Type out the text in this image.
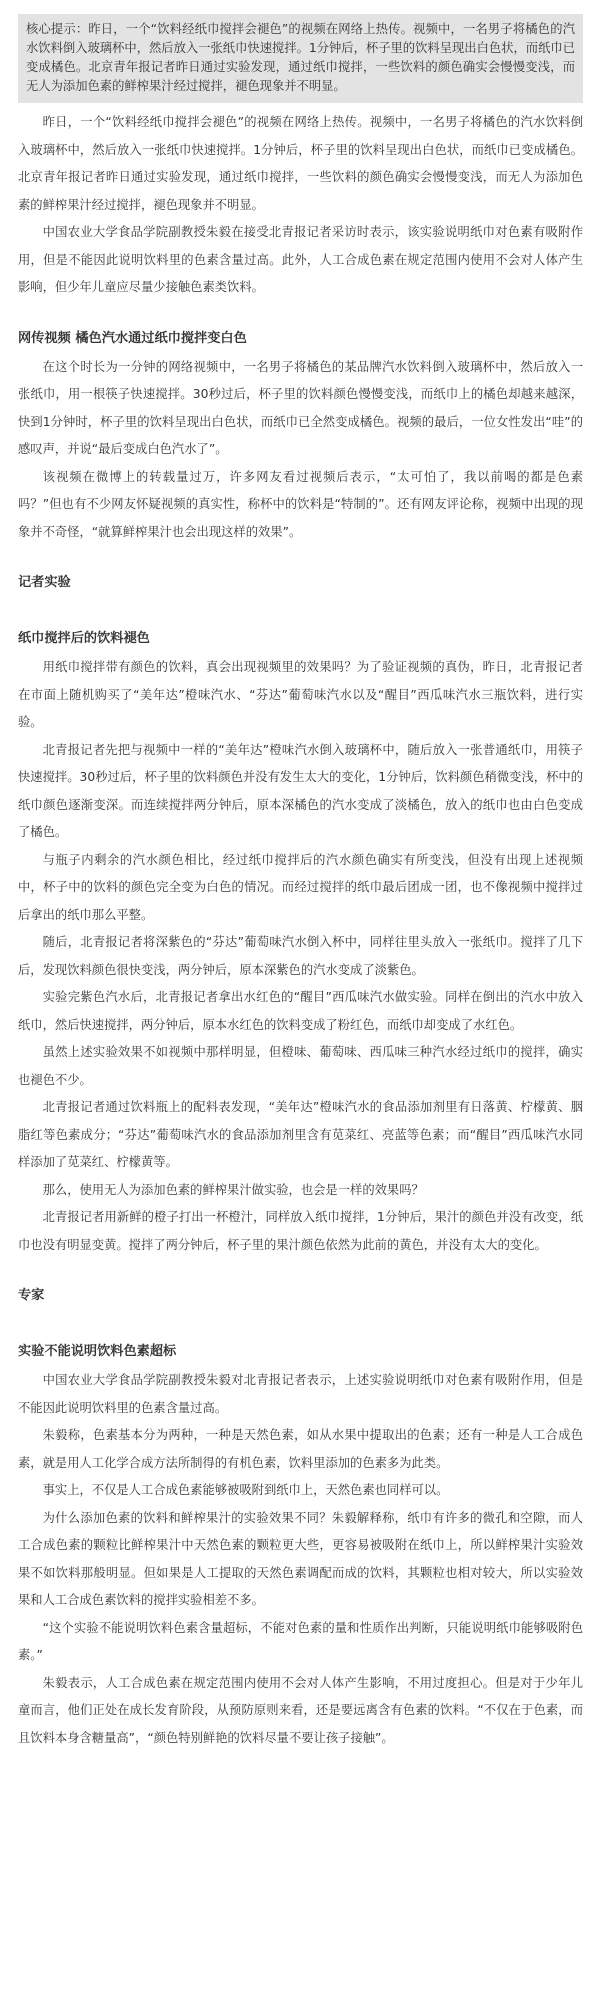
核心提示：昨日，一个“饮料经纸巾搅拌会褪色”的视频在网络上热传。视频中，一名男子将橘色的汽水饮料倒入玻璃杯中，然后放入一张纸巾快速搅拌。1分钟后，杯子里的饮料呈现出白色状，而纸巾已变成橘色。北京青年报记者昨日通过实验发现，通过纸巾搅拌，一些饮料的颜色确实会慢慢变浅，而无人为添加色素的鲜榨果汁经过搅拌，褪色现象并不明显。

昨日，一个“饮料经纸巾搅拌会褪色”的视频在网络上热传。视频中，一名男子将橘色的汽水饮料倒入玻璃杯中，然后放入一张纸巾快速搅拌。1分钟后，杯子里的饮料呈现出白色状，而纸巾已变成橘色。北京青年报记者昨日通过实验发现，通过纸巾搅拌，一些饮料的颜色确实会慢慢变浅，而无人为添加色素的鲜榨果汁经过搅拌，褪色现象并不明显。

中国农业大学食品学院副教授朱毅在接受北青报记者采访时表示，该实验说明纸巾对色素有吸附作用，但是不能因此说明饮料里的色素含量过高。此外，人工合成色素在规定范围内使用不会对人体产生影响，但少年儿童应尽量少接触色素类饮料。

网传视频 橘色汽水通过纸巾搅拌变白色

在这个时长为一分钟的网络视频中，一名男子将橘色的某品牌汽水饮料倒入玻璃杯中，然后放入一张纸巾，用一根筷子快速搅拌。30秒过后，杯子里的饮料颜色慢慢变浅，而纸巾上的橘色却越来越深，快到1分钟时，杯子里的饮料呈现出白色状，而纸巾已全然变成橘色。视频的最后，一位女性发出“哇”的感叹声，并说“最后变成白色汽水了”。

该视频在微博上的转载量过万，许多网友看过视频后表示，“太可怕了，我以前喝的都是色素吗？”但也有不少网友怀疑视频的真实性，称杯中的饮料是“特制的”。还有网友评论称，视频中出现的现象并不奇怪，“就算鲜榨果汁也会出现这样的效果”。

记者实验

纸巾搅拌后的饮料褪色

用纸巾搅拌带有颜色的饮料，真会出现视频里的效果吗？为了验证视频的真伪，昨日，北青报记者在市面上随机购买了“美年达”橙味汽水、“芬达”葡萄味汽水以及“醒目”西瓜味汽水三瓶饮料，进行实验。

北青报记者先把与视频中一样的“美年达”橙味汽水倒入玻璃杯中，随后放入一张普通纸巾，用筷子快速搅拌。30秒过后，杯子里的饮料颜色并没有发生太大的变化，1分钟后，饮料颜色稍微变浅，杯中的纸巾颜色逐渐变深。而连续搅拌两分钟后，原本深橘色的汽水变成了淡橘色，放入的纸巾也由白色变成了橘色。

与瓶子内剩余的汽水颜色相比，经过纸巾搅拌后的汽水颜色确实有所变浅，但没有出现上述视频中，杯子中的饮料的颜色完全变为白色的情况。而经过搅拌的纸巾最后团成一团，也不像视频中搅拌过后拿出的纸巾那么平整。

随后，北青报记者将深紫色的“芬达”葡萄味汽水倒入杯中，同样往里头放入一张纸巾。搅拌了几下后，发现饮料颜色很快变浅，两分钟后，原本深紫色的汽水变成了淡紫色。

实验完紫色汽水后，北青报记者拿出水红色的“醒目”西瓜味汽水做实验。同样在倒出的汽水中放入纸巾，然后快速搅拌，两分钟后，原本水红色的饮料变成了粉红色，而纸巾却变成了水红色。

虽然上述实验效果不如视频中那样明显，但橙味、葡萄味、西瓜味三种汽水经过纸巾的搅拌，确实也褪色不少。

北青报记者通过饮料瓶上的配料表发现，“美年达”橙味汽水的食品添加剂里有日落黄、柠檬黄、胭脂红等色素成分；“芬达”葡萄味汽水的食品添加剂里含有苋菜红、亮蓝等色素；而“醒目”西瓜味汽水同样添加了苋菜红、柠檬黄等。

那么，使用无人为添加色素的鲜榨果汁做实验，也会是一样的效果吗？

北青报记者用新鲜的橙子打出一杯橙汁，同样放入纸巾搅拌，1分钟后，果汁的颜色并没有改变，纸巾也没有明显变黄。搅拌了两分钟后，杯子里的果汁颜色依然为此前的黄色，并没有太大的变化。

专家

实验不能说明饮料色素超标

中国农业大学食品学院副教授朱毅对北青报记者表示，上述实验说明纸巾对色素有吸附作用，但是不能因此说明饮料里的色素含量过高。

朱毅称，色素基本分为两种，一种是天然色素，如从水果中提取出的色素；还有一种是人工合成色素，就是用人工化学合成方法所制得的有机色素，饮料里添加的色素多为此类。

事实上，不仅是人工合成色素能够被吸附到纸巾上，天然色素也同样可以。

为什么添加色素的饮料和鲜榨果汁的实验效果不同？朱毅解释称，纸巾有许多的微孔和空隙，而人工合成色素的颗粒比鲜榨果汁中天然色素的颗粒更大些，更容易被吸附在纸巾上，所以鲜榨果汁实验效果不如饮料那般明显。但如果是人工提取的天然色素调配而成的饮料，其颗粒也相对较大，所以实验效果和人工合成色素饮料的搅拌实验相差不多。

“这个实验不能说明饮料色素含量超标，不能对色素的量和性质作出判断，只能说明纸巾能够吸附色素。”

朱毅表示，人工合成色素在规定范围内使用不会对人体产生影响，不用过度担心。但是对于少年儿童而言，他们正处在成长发育阶段，从预防原则来看，还是要远离含有色素的饮料。“不仅在于色素，而且饮料本身含糖量高”，“颜色特别鲜艳的饮料尽量不要让孩子接触”。
